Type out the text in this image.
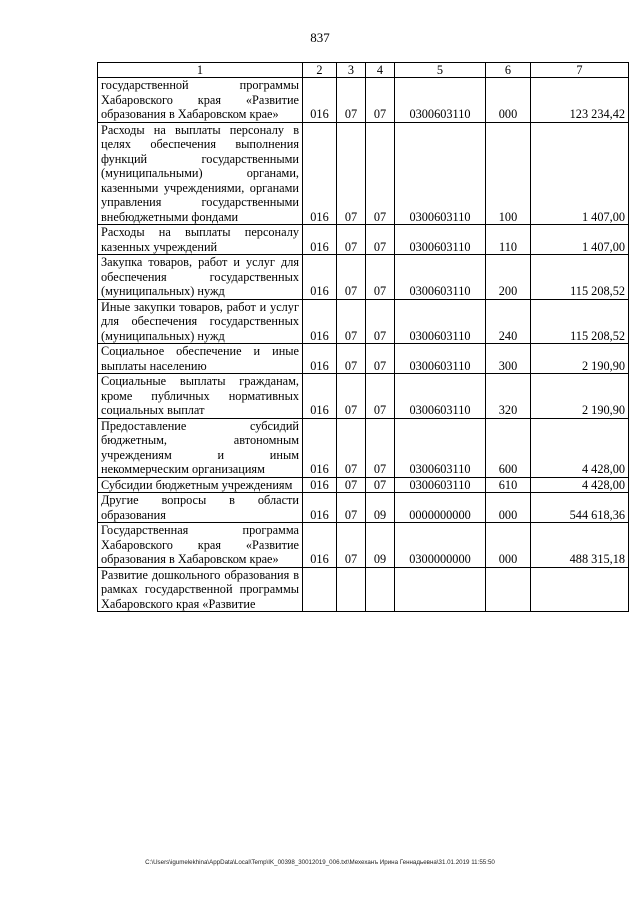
837
1	2	3	4	5	6	7
государственной программы Хабаровского края «Развитие образования в Хабаровском крае»	016	07	07	0300603110	000	123 234,42
Расходы на выплаты персоналу в целях обеспечения выполнения функций государственными (муниципальными) органами, казенными учреждениями, органами управления государственными внебюджетными фондами	016	07	07	0300603110	100	1 407,00
Расходы на выплаты персоналу казенных учреждений	016	07	07	0300603110	110	1 407,00
Закупка товаров, работ и услуг для обеспечения государственных (муниципальных) нужд	016	07	07	0300603110	200	115 208,52
Иные закупки товаров, работ и услуг для обеспечения государственных (муниципальных) нужд	016	07	07	0300603110	240	115 208,52
Социальное обеспечение и иные выплаты населению	016	07	07	0300603110	300	2 190,90
Социальные выплаты гражданам, кроме публичных нормативных социальных выплат	016	07	07	0300603110	320	2 190,90
Предоставление субсидий бюджетным, автономным учреждениям и иным некоммерческим организациям	016	07	07	0300603110	600	4 428,00
Субсидии бюджетным учреждениям	016	07	07	0300603110	610	4 428,00
Другие вопросы в области образования	016	07	09	0000000000	000	544 618,36
Государственная программа Хабаровского края «Развитие образования в Хабаровском крае»	016	07	09	0300000000	000	488 315,18
Развитие дошкольного образования в рамках государственной программы Хабаровского края «Развитие						
C:\Users\igumelekhina\AppData\Local\Temp\IK_00398_30012019_006.txt\Мехеханъ Ирина Геннадьевна\31.01.2019 11:55:50
